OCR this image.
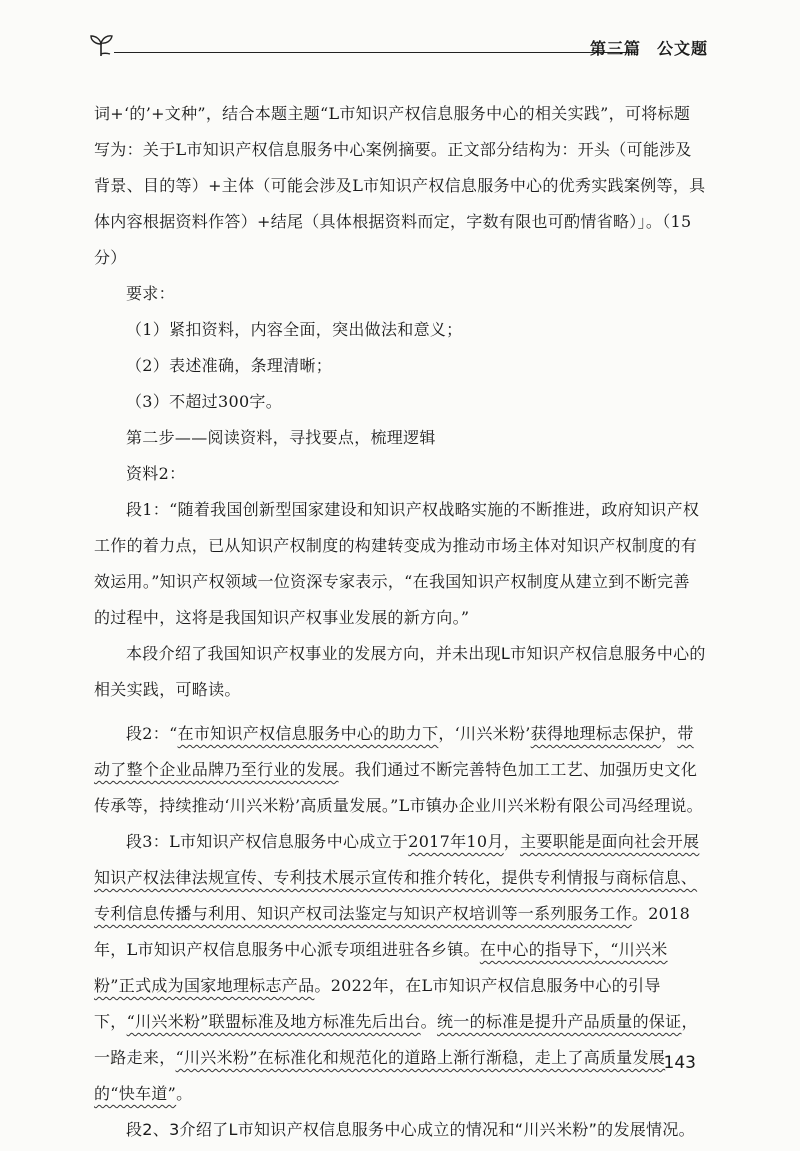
第三篇 公文题

词+‘的’+文种”，结合本题主题“L市知识产权信息服务中心的相关实践”，可将标题写为：关于L市知识产权信息服务中心案例摘要。正文部分结构为：开头（可能涉及背景、目的等）+主体（可能会涉及L市知识产权信息服务中心的优秀实践案例等，具体内容根据资料作答）+结尾（具体根据资料而定，字数有限也可酌情省略）」。（15分）

要求：

（1）紧扣资料，内容全面，突出做法和意义；

（2）表述准确，条理清晰；

（3）不超过300字。

第二步——阅读资料，寻找要点，梳理逻辑

资料2：

段1：“随着我国创新型国家建设和知识产权战略实施的不断推进，政府知识产权工作的着力点，已从知识产权制度的构建转变成为推动市场主体对知识产权制度的有效运用。”知识产权领域一位资深专家表示，“在我国知识产权制度从建立到不断完善的过程中，这将是我国知识产权事业发展的新方向。”

本段介绍了我国知识产权事业的发展方向，并未出现L市知识产权信息服务中心的相关实践，可略读。

段2：“在市知识产权信息服务中心的助力下，‘川兴米粉’获得地理标志保护，带动了整个企业品牌乃至行业的发展。我们通过不断完善特色加工工艺、加强历史文化传承等，持续推动‘川兴米粉’高质量发展。”L市镇办企业川兴米粉有限公司冯经理说。

段3：L市知识产权信息服务中心成立于2017年10月，主要职能是面向社会开展知识产权法律法规宣传、专利技术展示宣传和推介转化，提供专利情报与商标信息、专利信息传播与利用、知识产权司法鉴定与知识产权培训等一系列服务工作。2018年，L市知识产权信息服务中心派专项组进驻各乡镇。在中心的指导下，“川兴米粉”正式成为国家地理标志产品。2022年，在L市知识产权信息服务中心的引导下，“川兴米粉”联盟标准及地方标准先后出台。统一的标准是提升产品质量的保证，一路走来，“川兴米粉”在标准化和规范化的道路上渐行渐稳，走上了高质量发展的“快车道”。

段2、3介绍了L市知识产权信息服务中心成立的情况和“川兴米粉”的发展情况。

143
